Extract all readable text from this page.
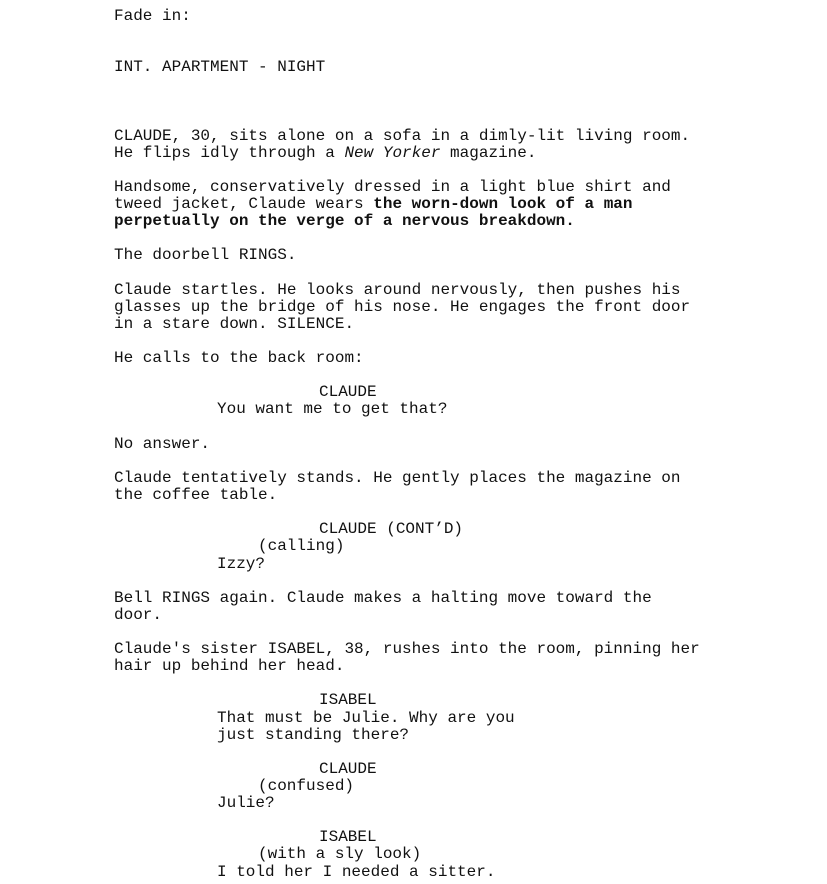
Fade in:
INT. APARTMENT - NIGHT
CLAUDE, 30, sits alone on a sofa in a dimly-lit living room.
He flips idly through a New Yorker magazine.
Handsome, conservatively dressed in a light blue shirt and
tweed jacket, Claude wears the worn-down look of a man
perpetually on the verge of a nervous breakdown.
The doorbell RINGS.
Claude startles. He looks around nervously, then pushes his
glasses up the bridge of his nose. He engages the front door
in a stare down. SILENCE.
He calls to the back room:
CLAUDE
You want me to get that?
No answer.
Claude tentatively stands. He gently places the magazine on
the coffee table.
CLAUDE (CONT’D)
(calling)
Izzy?
Bell RINGS again. Claude makes a halting move toward the
door.
Claude's sister ISABEL, 38, rushes into the room, pinning her
hair up behind her head.
ISABEL
That must be Julie. Why are you
just standing there?
CLAUDE
(confused)
Julie?
ISABEL
(with a sly look)
I told her I needed a sitter.
